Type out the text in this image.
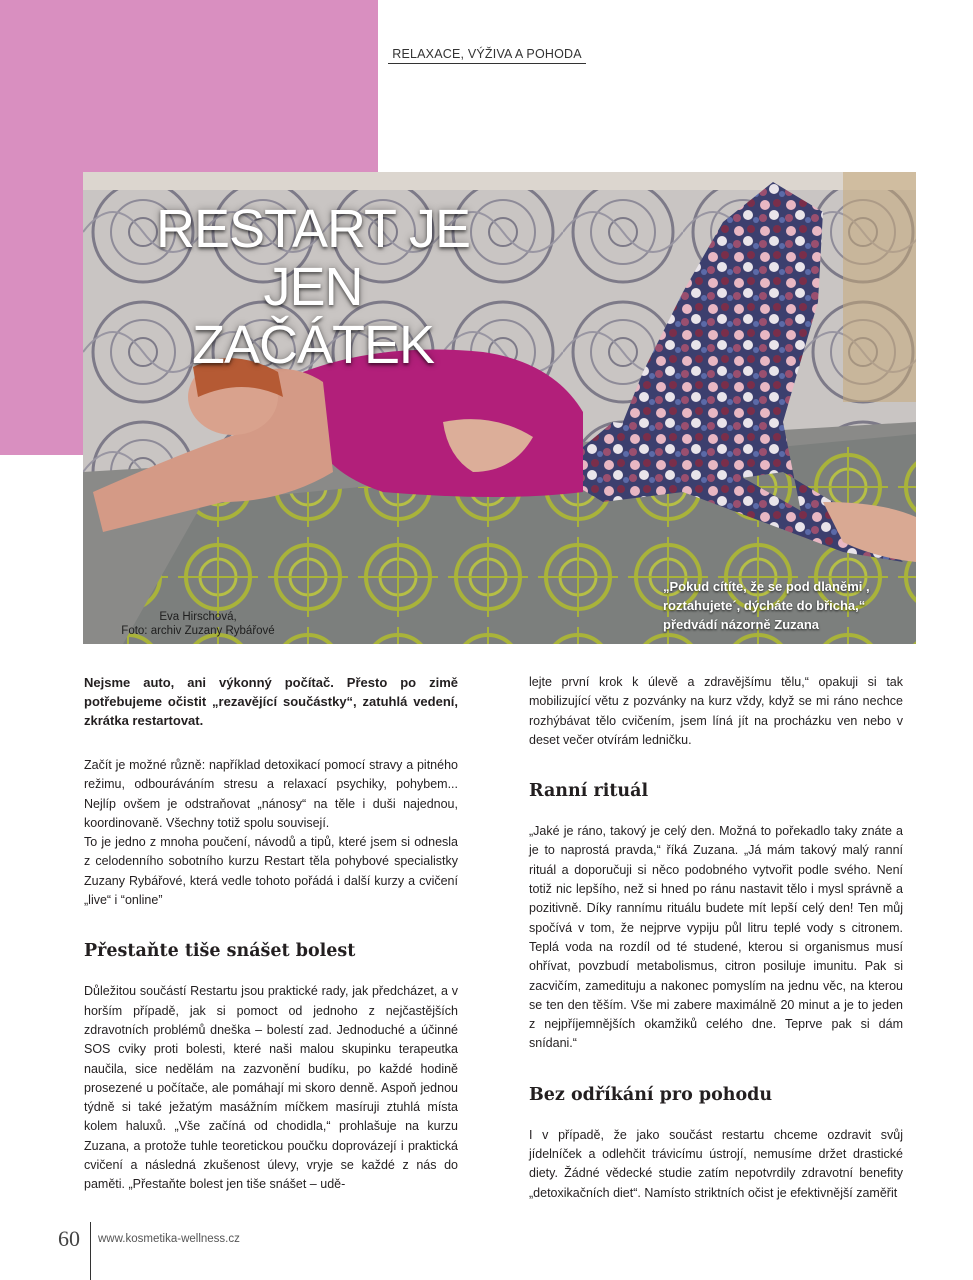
RELAXACE, VÝŽIVA A POHODA
RESTART JE JEN
ZAČÁTEK
Eva Hirschová,
Foto: archiv Zuzany Rybářové
„Pokud cítíte, že se pod dlaněmi ,
roztahujete´, dýcháte do břicha,“
předvádí názorně Zuzana

Nejsme auto, ani výkonný počítač. Přesto po zimě potřebujeme očistit „rezavějící součástky“, zatuhlá vedení, zkrátka restartovat.

Začít je možné různě: například detoxikací pomocí stravy a pitného režimu, odbouráváním stresu a relaxací psychiky, pohybem... Nejlíp ovšem je odstraňovat „nánosy“ na těle i duši najednou, koordinovaně. Všechny totiž spolu souvisejí.

To je jedno z mnoha poučení, návodů a tipů, které jsem si odnesla z celodenního sobotního kurzu Restart těla pohybové specialistky Zuzany Rybářové, která vedle tohoto pořádá i další kurzy a cvičení „live“ i “online”

Přestaňte tiše snášet bolest

Důležitou součástí Restartu jsou praktické rady, jak předcházet, a v horším případě, jak si pomoct od jednoho z nejčastějších zdravotních problémů dneška – bolestí zad. Jednoduché a účinné SOS cviky proti bolesti, které naši malou skupinku terapeutka naučila, sice nedělám na zazvonění budíku, po každé hodině prosezené u počítače, ale pomáhají mi skoro denně. Aspoň jednou týdně si také ježatým masážním míčkem masíruji ztuhlá místa kolem haluxů. „Vše začíná od chodidla,“ prohlašuje na kurzu Zuzana, a protože tuhle teoretickou poučku doprovázejí i praktická cvičení a následná zkušenost úlevy, vryje se každé z nás do paměti. „Přestaňte bolest jen tiše snášet – udě-

lejte první krok k úlevě a zdravějšímu tělu,“ opakuji si tak mobilizující větu z pozvánky na kurz vždy, když se mi ráno nechce rozhýbávat tělo cvičením, jsem líná jít na procházku ven nebo v deset večer otvírám ledničku.

Ranní rituál

„Jaké je ráno, takový je celý den. Možná to pořekadlo taky znáte a je to naprostá pravda,“ říká Zuzana. „Já mám takový malý ranní rituál a doporučuji si něco podobného vytvořit podle svého. Není totiž nic lepšího, než si hned po ránu nastavit tělo i mysl správně a pozitivně. Díky rannímu rituálu budete mít lepší celý den! Ten můj spočívá v tom, že nejprve vypiju půl litru teplé vody s citronem. Teplá voda na rozdíl od té studené, kterou si organismus musí ohřívat, povzbudí metabolismus, citron posiluje imunitu. Pak si zacvičím, zamedituju a nakonec pomyslím na jednu věc, na kterou se ten den těším. Vše mi zabere maximálně 20 minut a je to jeden z nejpříjemnějších okamžiků celého dne. Teprve pak si dám snídani.“

Bez odříkání pro pohodu

I v případě, že jako součást restartu chceme ozdravit svůj jídelníček a odlehčit trávicímu ústrojí, nemusíme držet drastické diety. Žádné vědecké studie zatím nepotvrdily zdravotní benefity „detoxikačních diet“. Namísto striktních očist je efektivnější zaměřit

60 www.kosmetika-wellness.cz
